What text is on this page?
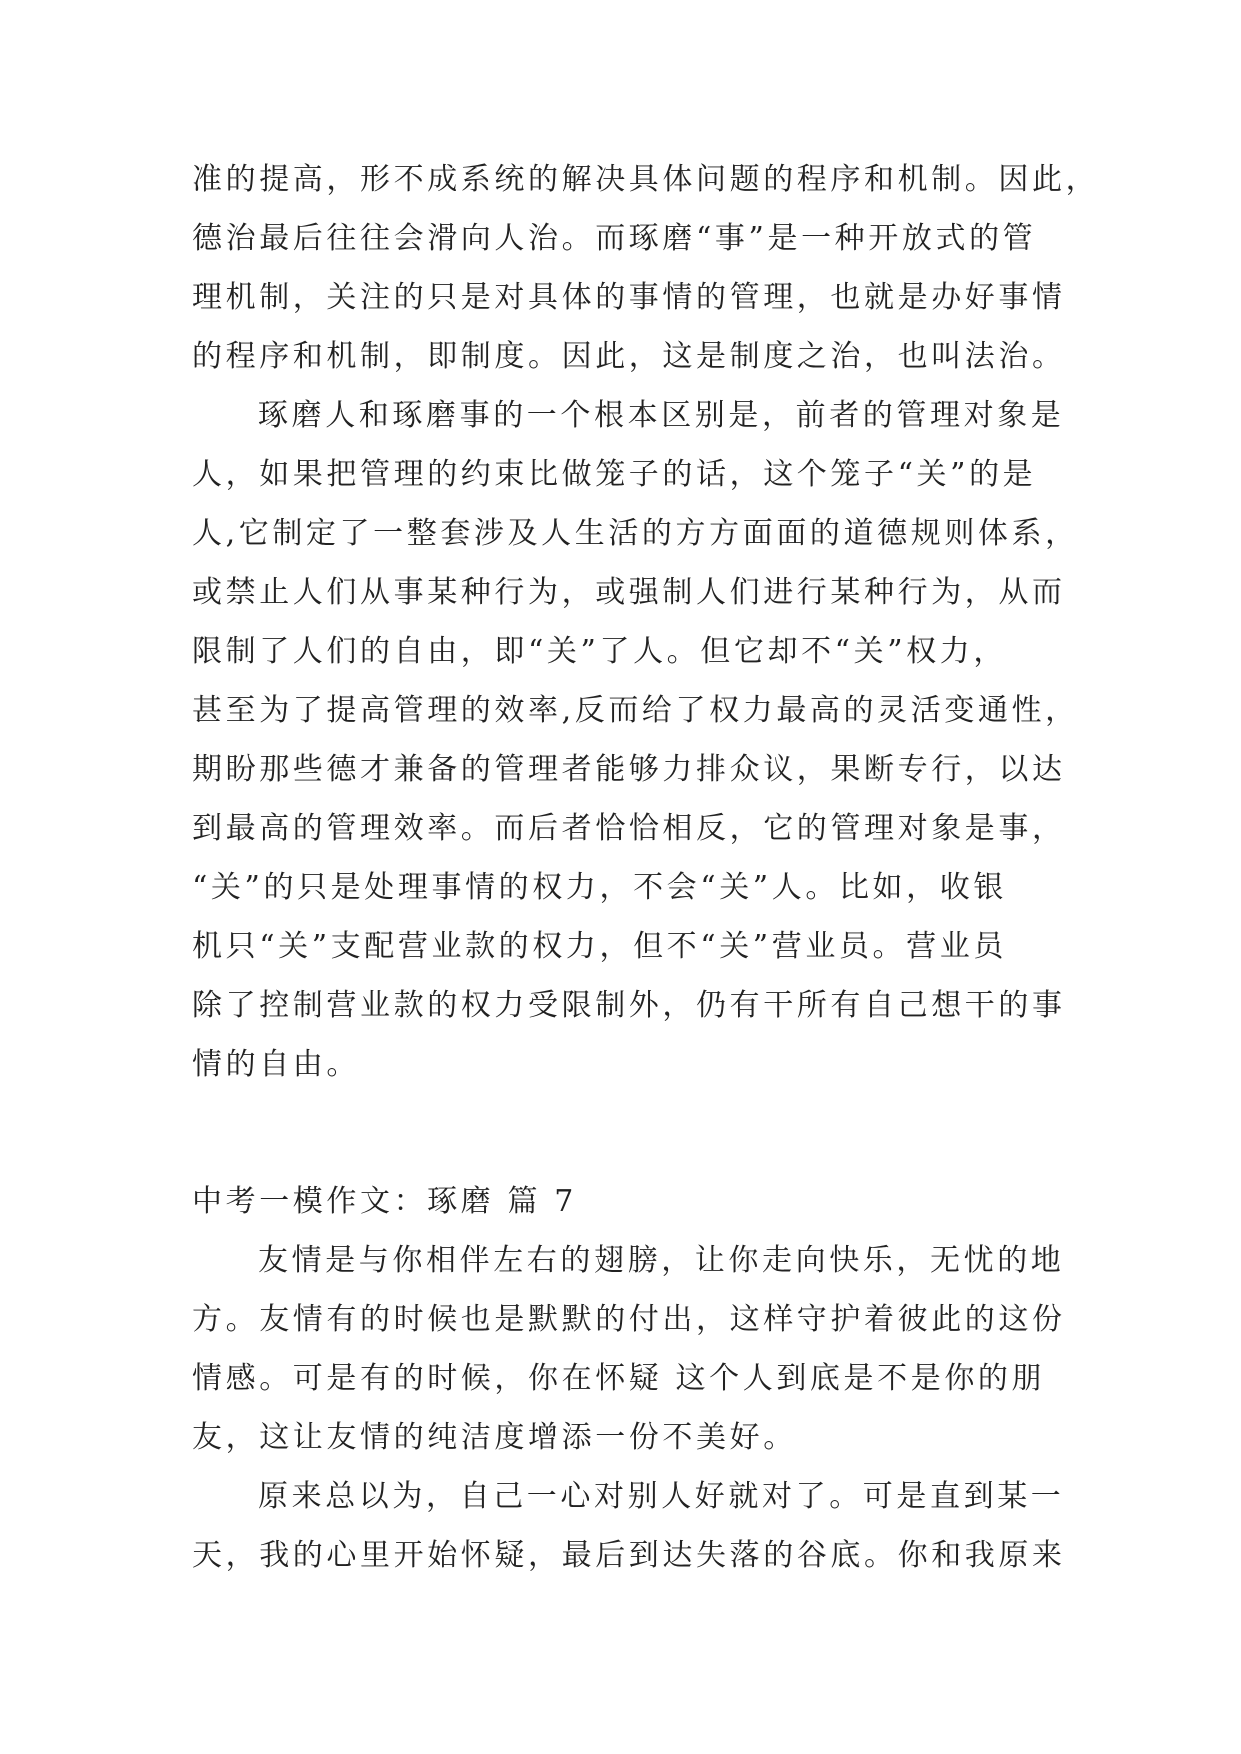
准的提高，形不成系统的解决具体问题的程序和机制。因此，

德治最后往往会滑向人治。而琢磨“事”是一种开放式的管

理机制，关注的只是对具体的事情的管理，也就是办好事情

的程序和机制，即制度。因此，这是制度之治，也叫法治。

琢磨人和琢磨事的一个根本区别是，前者的管理对象是

人，如果把管理的约束比做笼子的话，这个笼子“关”的是

人,它制定了一整套涉及人生活的方方面面的道德规则体系，

或禁止人们从事某种行为，或强制人们进行某种行为，从而

限制了人们的自由，即“关”了人。但它却不“关”权力，

甚至为了提高管理的效率,反而给了权力最高的灵活变通性，

期盼那些德才兼备的管理者能够力排众议，果断专行，以达

到最高的管理效率。而后者恰恰相反，它的管理对象是事，

“关”的只是处理事情的权力，不会“关”人。比如，收银

机只“关”支配营业款的权力，但不“关”营业员。营业员

除了控制营业款的权力受限制外，仍有干所有自己想干的事

情的自由。

中考一模作文：琢磨 篇 7

友情是与你相伴左右的翅膀，让你走向快乐，无忧的地

方。友情有的时候也是默默的付出，这样守护着彼此的这份

情感。可是有的时候，你在怀疑 这个人到底是不是你的朋

友，这让友情的纯洁度增添一份不美好。

原来总以为，自己一心对别人好就对了。可是直到某一

天，我的心里开始怀疑，最后到达失落的谷底。你和我原来
